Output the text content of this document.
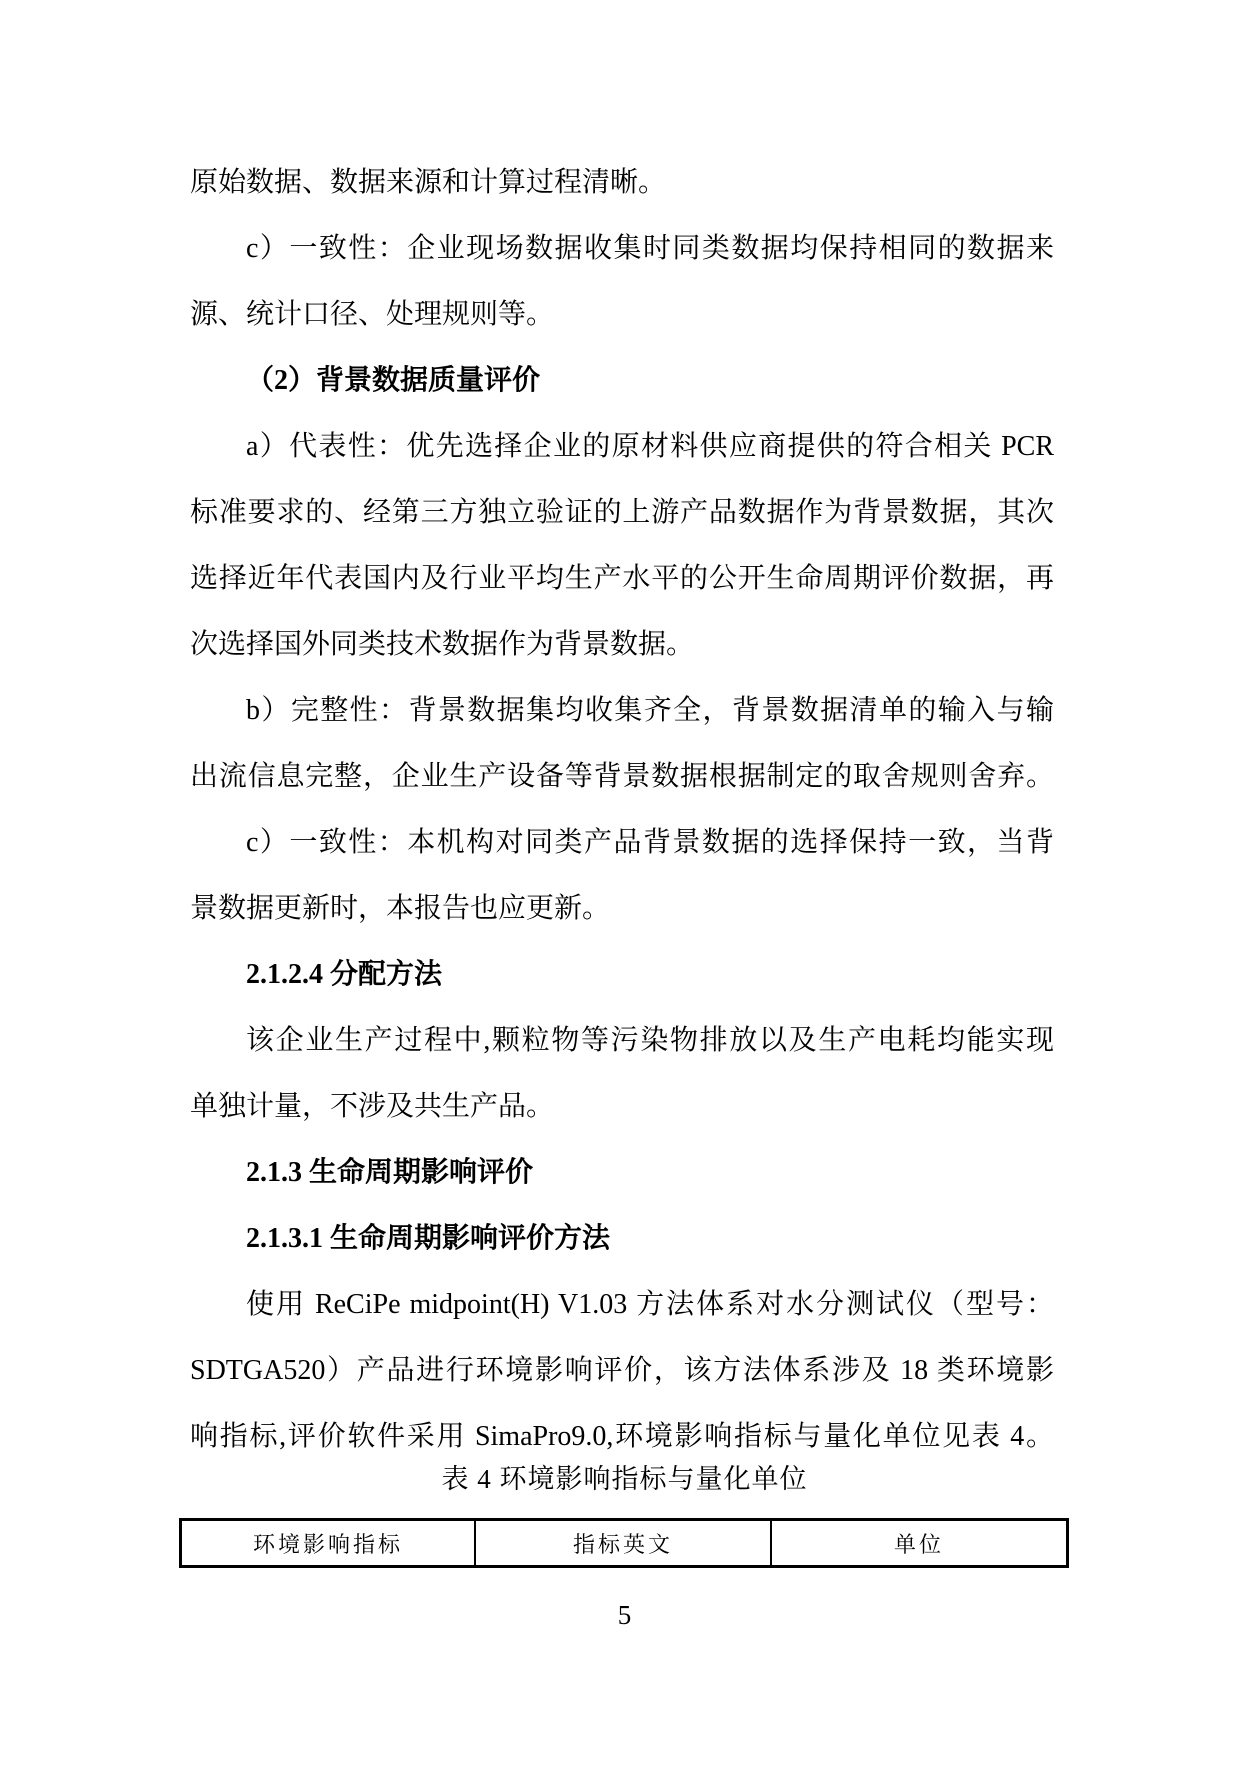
原始数据、数据来源和计算过程清晰。
c）一致性：企业现场数据收集时同类数据均保持相同的数据来
源、统计口径、处理规则等。
（2）背景数据质量评价
a）代表性：优先选择企业的原材料供应商提供的符合相关 PCR
标准要求的、经第三方独立验证的上游产品数据作为背景数据，其次
选择近年代表国内及行业平均生产水平的公开生命周期评价数据，再
次选择国外同类技术数据作为背景数据。
b）完整性：背景数据集均收集齐全，背景数据清单的输入与输
出流信息完整，企业生产设备等背景数据根据制定的取舍规则舍弃。
c）一致性：本机构对同类产品背景数据的选择保持一致，当背
景数据更新时，本报告也应更新。
2.1.2.4 分配方法
该企业生产过程中,颗粒物等污染物排放以及生产电耗均能实现
单独计量，不涉及共生产品。
2.1.3 生命周期影响评价
2.1.3.1 生命周期影响评价方法
使用 ReCiPe midpoint(H) V1.03 方法体系对水分测试仪（型号：
SDTGA520）产品进行环境影响评价，该方法体系涉及 18 类环境影
响指标,评价软件采用 SimaPro9.0,环境影响指标与量化单位见表 4。
表 4 环境影响指标与量化单位
环境影响指标	指标英文	单位
5
